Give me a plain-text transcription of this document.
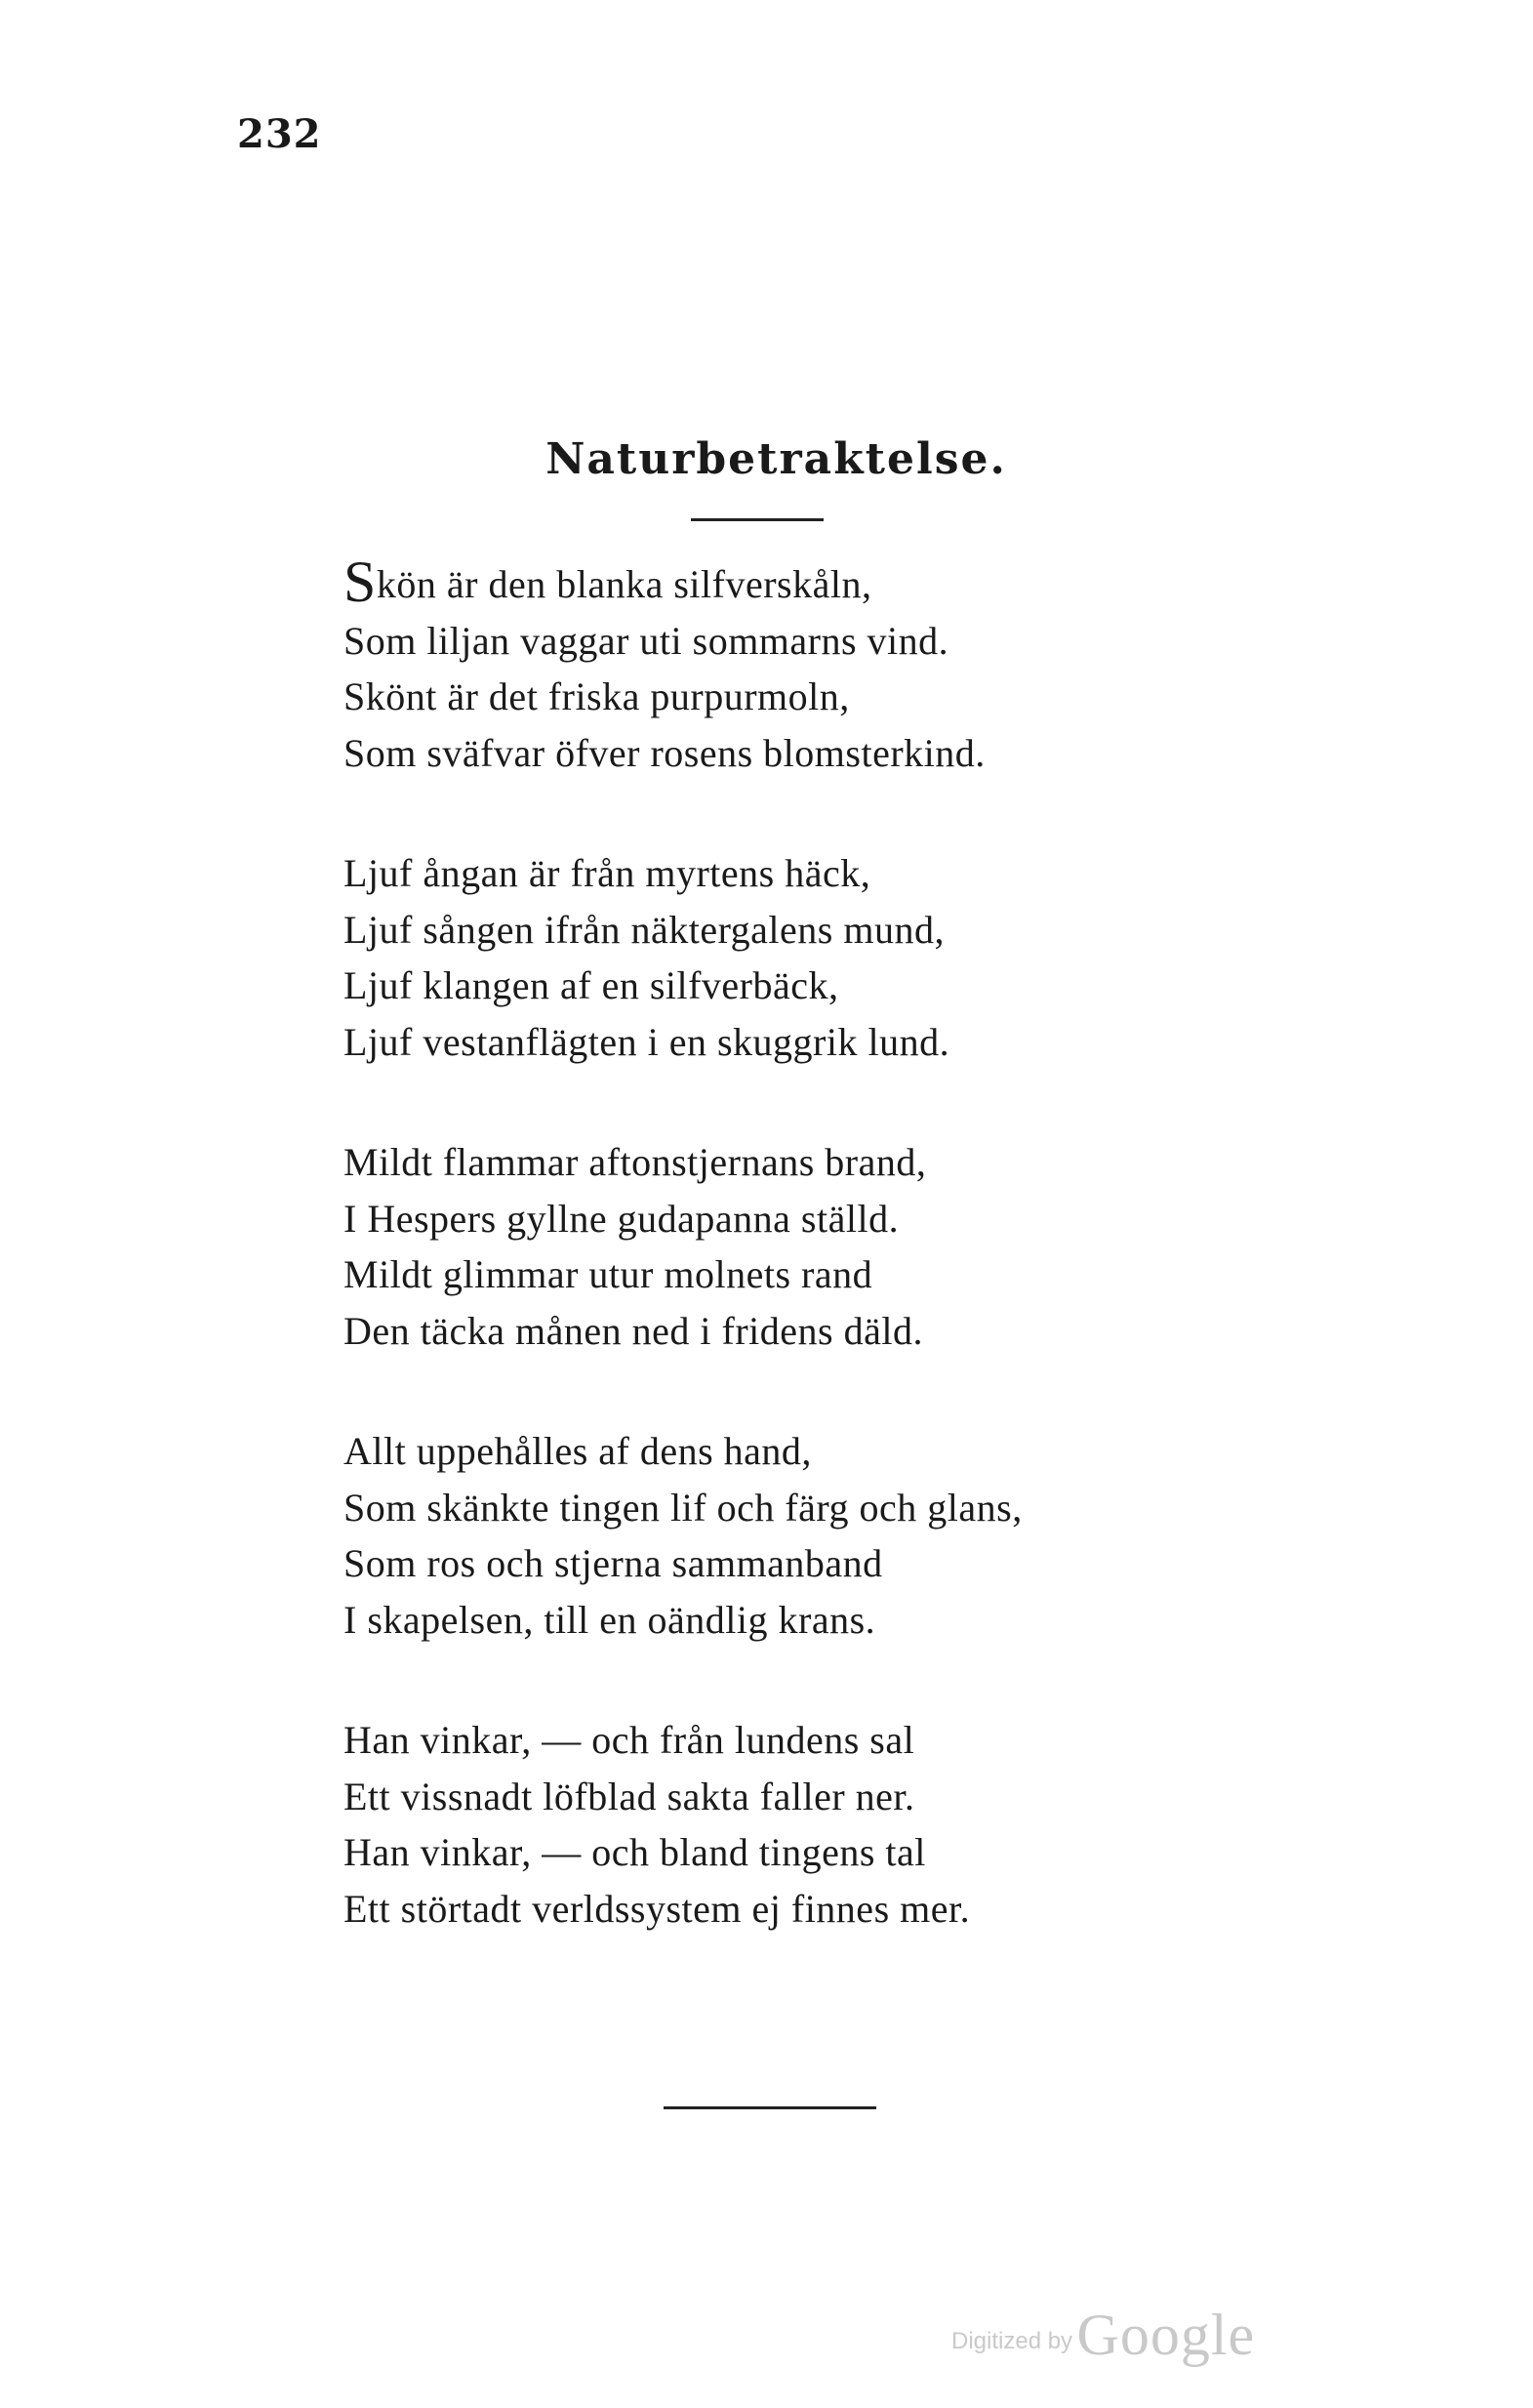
232
Naturbetraktelse.
Skön är den blanka silfverskåln,
Som liljan vaggar uti sommarns vind.
Skönt är det friska purpurmoln,
Som sväfvar öfver rosens blomsterkind.
Ljuf ångan är från myrtens häck,
Ljuf sången ifrån näktergalens mund,
Ljuf klangen af en silfverbäck,
Ljuf vestanflägten i en skuggrik lund.
Mildt flammar aftonstjernans brand,
I Hespers gyllne gudapanna ställd.
Mildt glimmar utur molnets rand
Den täcka månen ned i fridens däld.
Allt uppehålles af dens hand,
Som skänkte tingen lif och färg och glans,
Som ros och stjerna sammanband
I skapelsen, till en oändlig krans.
Han vinkar, — och från lundens sal
Ett vissnadt löfblad sakta faller ner.
Han vinkar, — och bland tingens tal
Ett störtadt verldssystem ej finnes mer.
Digitized by Google
